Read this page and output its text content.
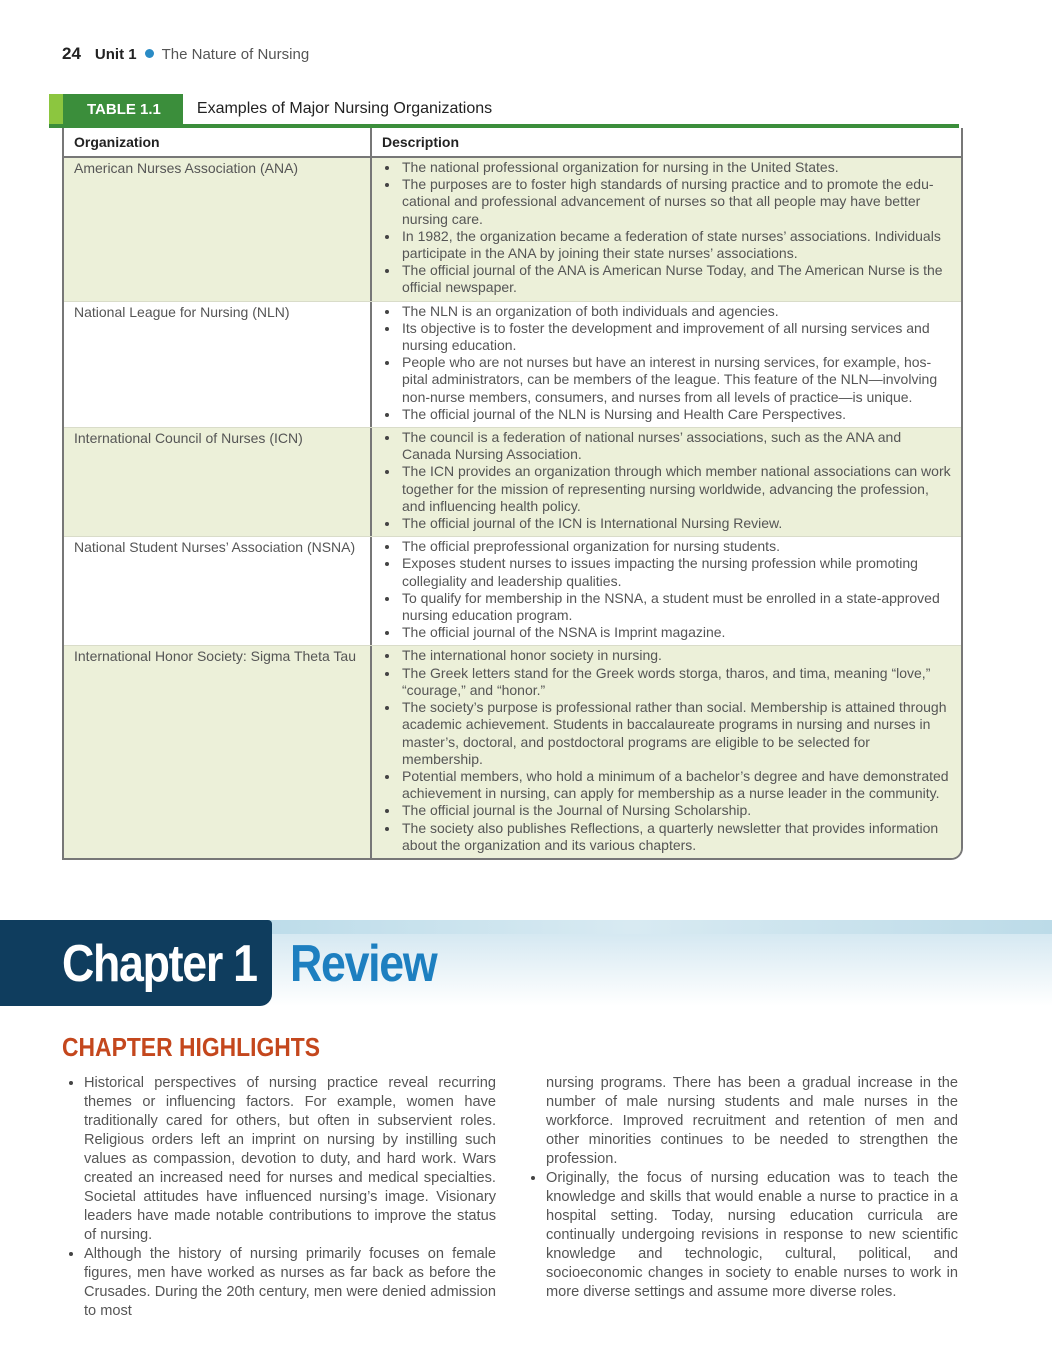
24 Unit 1 The Nature of Nursing
TABLE 1.1	Examples of Major Nursing Organizations
Organization	Description
American Nurses Association (ANA)	• The national professional organization for nursing in the United States.
• The purposes are to foster high standards of nursing practice and to promote the educational and professional advancement of nurses so that all people may have better nursing care.
• In 1982, the organization became a federation of state nurses’ associations. Individuals participate in the ANA by joining their state nurses’ associations.
• The official journal of the ANA is American Nurse Today, and The American Nurse is the official newspaper.
National League for Nursing (NLN)	• The NLN is an organization of both individuals and agencies.
• Its objective is to foster the development and improvement of all nursing services and nursing education.
• People who are not nurses but have an interest in nursing services, for example, hospital administrators, can be members of the league. This feature of the NLN—involving non-nurse members, consumers, and nurses from all levels of practice—is unique.
• The official journal of the NLN is Nursing and Health Care Perspectives.
International Council of Nurses (ICN)	• The council is a federation of national nurses’ associations, such as the ANA and Canada Nursing Association.
• The ICN provides an organization through which member national associations can work together for the mission of representing nursing worldwide, advancing the profession, and influencing health policy.
• The official journal of the ICN is International Nursing Review.
National Student Nurses’ Association (NSNA)	• The official preprofessional organization for nursing students.
• Exposes student nurses to issues impacting the nursing profession while promoting collegiality and leadership qualities.
• To qualify for membership in the NSNA, a student must be enrolled in a state-approved nursing education program.
• The official journal of the NSNA is Imprint magazine.
International Honor Society: Sigma Theta Tau	• The international honor society in nursing.
• The Greek letters stand for the Greek words storga, tharos, and tima, meaning “love,” “courage,” and “honor.”
• The society’s purpose is professional rather than social. Membership is attained through academic achievement. Students in baccalaureate programs in nursing and nurses in master’s, doctoral, and postdoctoral programs are eligible to be selected for membership.
• Potential members, who hold a minimum of a bachelor’s degree and have demonstrated achievement in nursing, can apply for membership as a nurse leader in the community.
• The official journal is the Journal of Nursing Scholarship.
• The society also publishes Reflections, a quarterly newsletter that provides information about the organization and its various chapters.
Chapter 1 Review
CHAPTER HIGHLIGHTS
• Historical perspectives of nursing practice reveal recurring themes or influencing factors. For example, women have traditionally cared for others, but often in subservient roles. Religious orders left an imprint on nursing by instilling such values as compassion, devotion to duty, and hard work. Wars created an increased need for nurses and medical specialties. Societal attitudes have influenced nursing’s image. Visionary leaders have made notable contributions to improve the status of nursing.
• Although the history of nursing primarily focuses on female figures, men have worked as nurses as far back as before the Crusades. During the 20th century, men were denied admission to most

nursing programs. There has been a gradual increase in the number of male nursing students and male nurses in the workforce. Improved recruitment and retention of men and other minorities continues to be needed to strengthen the profession.

• Originally, the focus of nursing education was to teach the knowledge and skills that would enable a nurse to practice in a hospital setting. Today, nursing education curricula are continually undergoing revisions in response to new scientific knowledge and technologic, cultural, political, and socioeconomic changes in society to enable nurses to work in more diverse settings and assume more diverse roles.
